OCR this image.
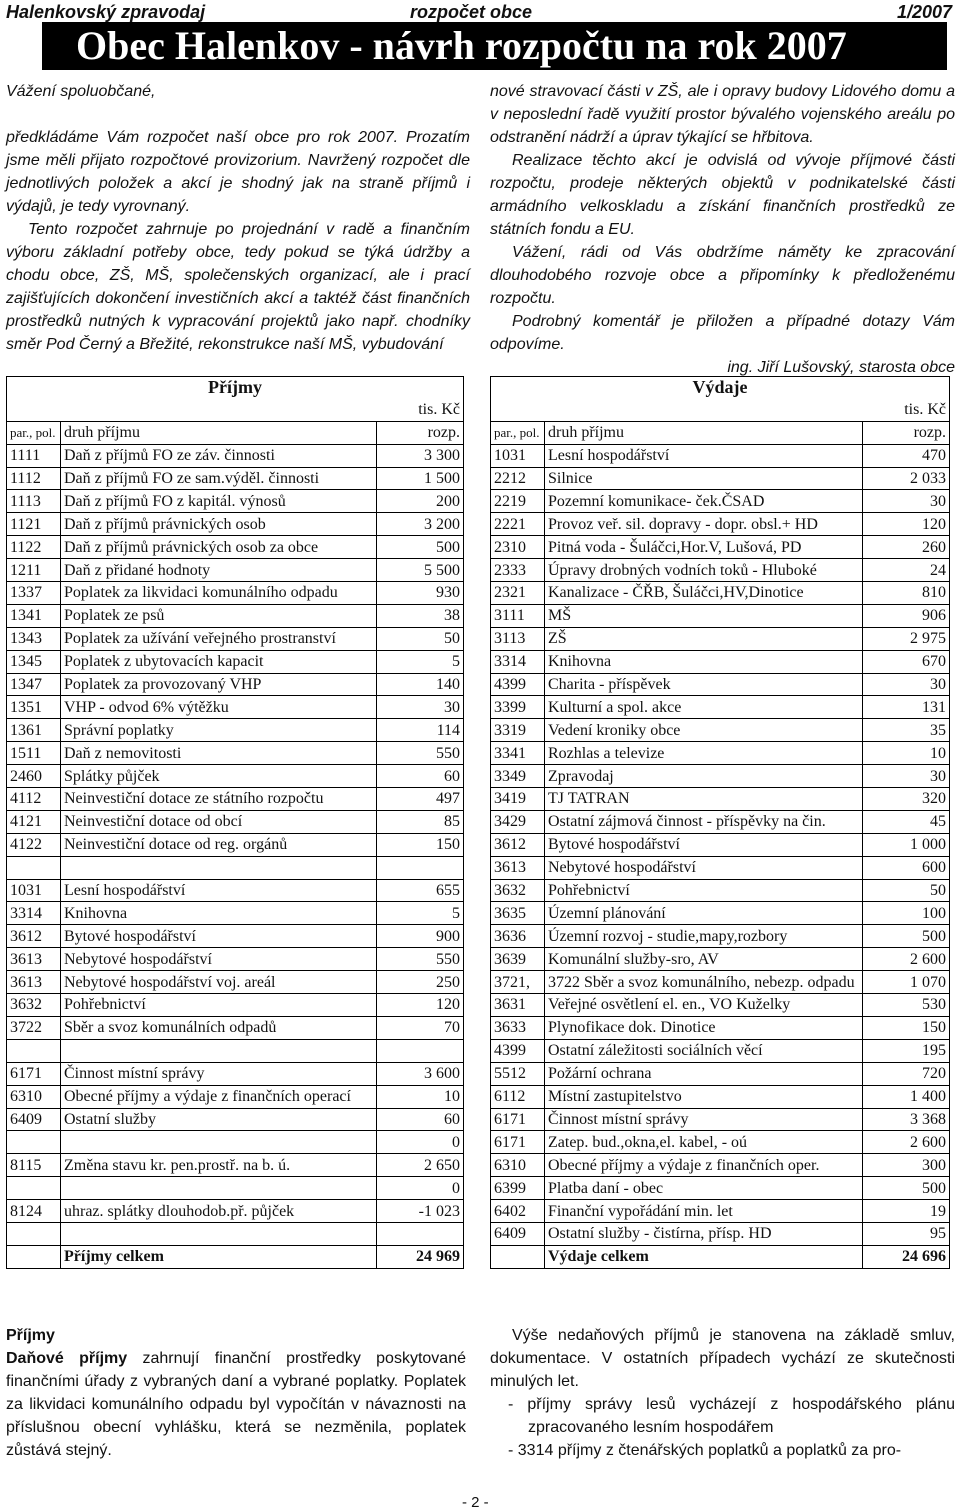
Halenkovský zpravodaj	rozpočet obce	1/2007
Obec Halenkov - návrh rozpočtu na rok 2007

Vážení spoluobčané,

předkládáme Vám rozpočet naší obce pro rok 2007. Prozatím jsme měli přijato rozpočtové provizorium. Navržený rozpočet dle jednotlivých položek a akcí je shodný jak na straně příjmů i výdajů, je tedy vyrovnaný.

Tento rozpočet zahrnuje po projednání v radě a finančním výboru základní potřeby obce, tedy pokud se týká údržby a chodu obce, ZŠ, MŠ, společenských organizací, ale i prací zajišťujících dokončení investičních akcí a taktéž část finančních prostředků nutných k vypracování projektů jako např. chodníky směr Pod Černý a Břežité, rekonstrukce naší MŠ, vybudování

nové stravovací části v ZŠ, ale i opravy budovy Lidového domu a v neposlední řadě využití prostor bývalého vojenského areálu po odstranění nádrží a úprav týkající se hřbitova.

Realizace těchto akcí je odvislá od vývoje příjmové části rozpočtu, prodeje některých objektů v podnikatelské části armádního velkoskladu a získání finančních prostředků ze státních fondu a EU.

Vážení, rádi od Vás obdržíme náměty ke zpracování dlouhodobého rozvoje obce a připomínky k předloženému rozpočtu.

Podrobný komentář je přiložen a případné dotazy Vám odpovíme.

ing. Jiří Lušovský, starosta obce

Příjmy		
tis. Kč		
par., pol.	druh příjmu	rozp.
1111	Daň z příjmů FO ze záv. činnosti	3 300
1112	Daň z příjmů FO ze sam.výděl. činnosti	1 500
1113	Daň z příjmů FO z kapitál. výnosů	200
1121	Daň z příjmů právnických osob	3 200
1122	Daň z příjmů právnických osob za obce	500
1211	Daň z přidané hodnoty	5 500
1337	Poplatek za likvidaci komunálního odpadu	930
1341	Poplatek ze psů	38
1343	Poplatek za užívání veřejného prostranství	50
1345	Poplatek z ubytovacích kapacit	5
1347	Poplatek za provozovaný VHP	140
1351	VHP - odvod 6% výtěžku	30
1361	Správní poplatky	114
1511	Daň z nemovitosti	550
2460	Splátky půjček	60
4112	Neinvestiční dotace ze státního rozpočtu	497
4121	Neinvestiční dotace od obcí	85
4122	Neinvestiční dotace od reg. orgánů	150

1031	Lesní hospodářství	655
3314	Knihovna	5
3612	Bytové hospodářství	900
3613	Nebytové hospodářství	550
3613	Nebytové hospodářství voj. areál	250
3632	Pohřebnictví	120
3722	Sběr a svoz komunálních odpadů	70

6171	Činnost místní správy	3 600
6310	Obecné příjmy a výdaje z finančních operací	10
6409	Ostatní služby	60
		0
8115	Změna stavu kr. pen.prostř. na b. ú.	2 650
		0
8124	uhraz. splátky dlouhodob.př. půjček	-1 023

	Příjmy celkem	24 969
Výdaje		
tis. Kč		
par., pol.	druh příjmu	rozp.
1031	Lesní hospodářství	470
2212	Silnice	2 033
2219	Pozemní komunikace- ček.ČSAD	30
2221	Provoz veř. sil. dopravy - dopr. obsl.+ HD	120
2310	Pitná voda - Šuláčci,Hor.V, Lušová, PD	260
2333	Úpravy drobných vodních toků - Hluboké	24
2321	Kanalizace - ČŘB, Šuláčci,HV,Dinotice	810
3111	MŠ	906
3113	ZŠ	2 975
3314	Knihovna	670
4399	Charita - příspěvek	30
3399	Kulturní a spol. akce	131
3319	Vedení kroniky obce	35
3341	Rozhlas a televize	10
3349	Zpravodaj	30
3419	TJ TATRAN	320
3429	Ostatní zájmová činnost - příspěvky na čin.	45
3612	Bytové hospodářství	1 000
3613	Nebytové hospodářství	600
3632	Pohřebnictví	50
3635	Územní plánování	100
3636	Územní rozvoj - studie,mapy,rozbory	500
3639	Komunální služby-sro, AV	2 600
3721,	3722 Sběr a svoz komunálního, nebezp. odpadu	1 070
3631	Veřejné osvětlení el. en., VO Kuželky	530
3633	Plynofikace dok. Dinotice	150
4399	Ostatní záležitosti sociálních věcí	195
5512	Požární ochrana	720
6112	Místní zastupitelstvo	1 400
6171	Činnost místní správy	3 368
6171	Zatep. bud.,okna,el. kabel, - oú	2 600
6310	Obecné příjmy a výdaje z finančních oper.	300
6399	Platba daní - obec	500
6402	Finanční vypořádání min. let	19
6409	Ostatní služby - čistírna, přísp. HD	95
	Výdaje celkem	24 696

Příjmy

Daňové příjmy zahrnují finanční prostředky poskytované finančními úřady z vybraných daní a vybrané poplatky. Poplatek za likvidaci komunálního odpadu byl vypočítán v návaznosti na příslušnou obecní vyhlášku, která se nezměnila, poplatek zůstává stejný.

Výše nedaňových příjmů je stanovena na základě smluv, dokumentace. V ostatních případech vychází ze skutečnosti minulých let.

- příjmy správy lesů vycházejí z hospodářského plánu zpracovaného lesním hospodářem
- 3314 příjmy z čtenářských poplatků a poplatků za pro-
- 2 -
